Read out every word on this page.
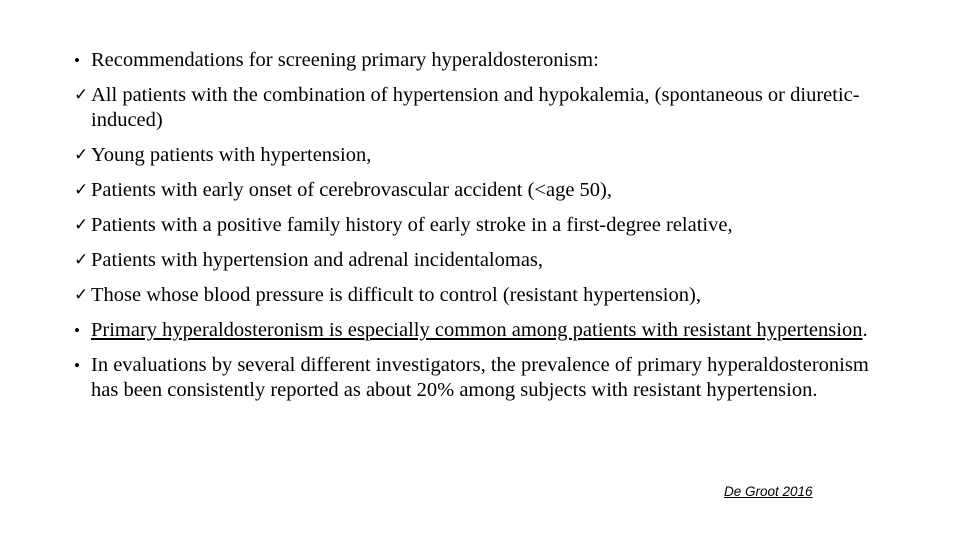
• Recommendations for screening primary hyperaldosteronism:
✓ All patients with the combination of hypertension and hypokalemia, (spontaneous or diuretic-induced)
✓ Young patients with hypertension,
✓ Patients with early onset of cerebrovascular accident (<age 50),
✓ Patients with a positive family history of early stroke in a first-degree relative,
✓ Patients with hypertension and adrenal incidentalomas,
✓ Those whose blood pressure is difficult to control (resistant hypertension),
• Primary hyperaldosteronism is especially common among patients with resistant hypertension.
• In evaluations by several different investigators, the prevalence of primary hyperaldosteronism has been consistently reported as about 20% among subjects with resistant hypertension.
De Groot 2016
